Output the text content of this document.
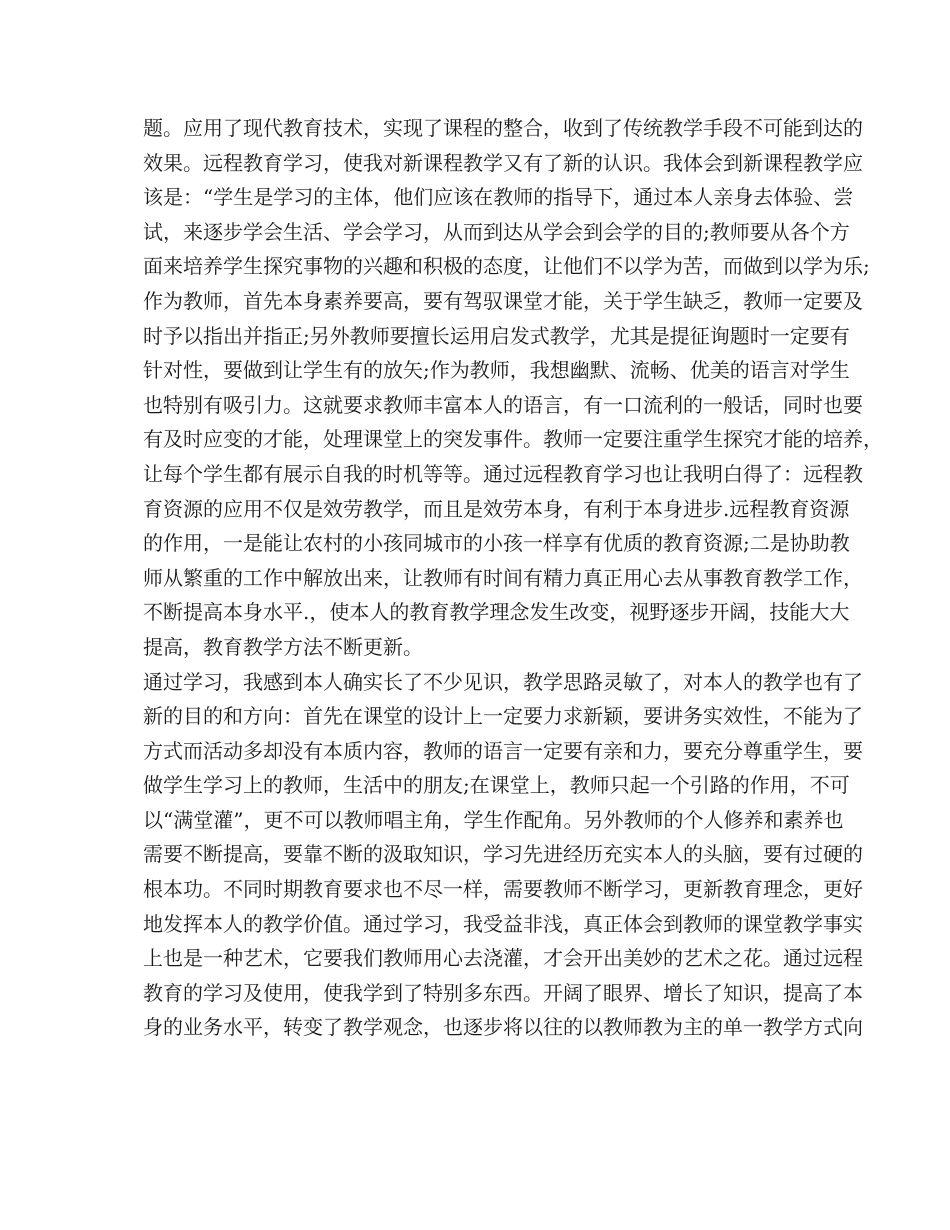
题。应用了现代教育技术，实现了课程的整合，收到了传统教学手段不可能到达的
效果。远程教育学习，使我对新课程教学又有了新的认识。我体会到新课程教学应
该是：“学生是学习的主体，他们应该在教师的指导下，通过本人亲身去体验、尝
试，来逐步学会生活、学会学习，从而到达从学会到会学的目的;教师要从各个方
面来培养学生探究事物的兴趣和积极的态度，让他们不以学为苦，而做到以学为乐;
作为教师，首先本身素养要高，要有驾驭课堂才能，关于学生缺乏，教师一定要及
时予以指出并指正;另外教师要擅长运用启发式教学，尤其是提征询题时一定要有
针对性，要做到让学生有的放矢;作为教师，我想幽默、流畅、优美的语言对学生
也特别有吸引力。这就要求教师丰富本人的语言，有一口流利的一般话，同时也要
有及时应变的才能，处理课堂上的突发事件。教师一定要注重学生探究才能的培养，
让每个学生都有展示自我的时机等等。通过远程教育学习也让我明白得了：远程教
育资源的应用不仅是效劳教学，而且是效劳本身，有利于本身进步.远程教育资源
的作用，一是能让农村的小孩同城市的小孩一样享有优质的教育资源;二是协助教
师从繁重的工作中解放出来，让教师有时间有精力真正用心去从事教育教学工作，
不断提高本身水平.，使本人的教育教学理念发生改变，视野逐步开阔，技能大大
提高，教育教学方法不断更新。
通过学习，我感到本人确实长了不少见识，教学思路灵敏了，对本人的教学也有了
新的目的和方向：首先在课堂的设计上一定要力求新颖，要讲务实效性，不能为了
方式而活动多却没有本质内容，教师的语言一定要有亲和力，要充分尊重学生，要
做学生学习上的教师，生活中的朋友;在课堂上，教师只起一个引路的作用，不可
以“满堂灌”，更不可以教师唱主角，学生作配角。另外教师的个人修养和素养也
需要不断提高，要靠不断的汲取知识，学习先进经历充实本人的头脑，要有过硬的
根本功。不同时期教育要求也不尽一样，需要教师不断学习，更新教育理念，更好
地发挥本人的教学价值。通过学习，我受益非浅，真正体会到教师的课堂教学事实
上也是一种艺术，它要我们教师用心去浇灌，才会开出美妙的艺术之花。通过远程
教育的学习及使用，使我学到了特别多东西。开阔了眼界、增长了知识，提高了本
身的业务水平，转变了教学观念，也逐步将以往的以教师教为主的单一教学方式向
